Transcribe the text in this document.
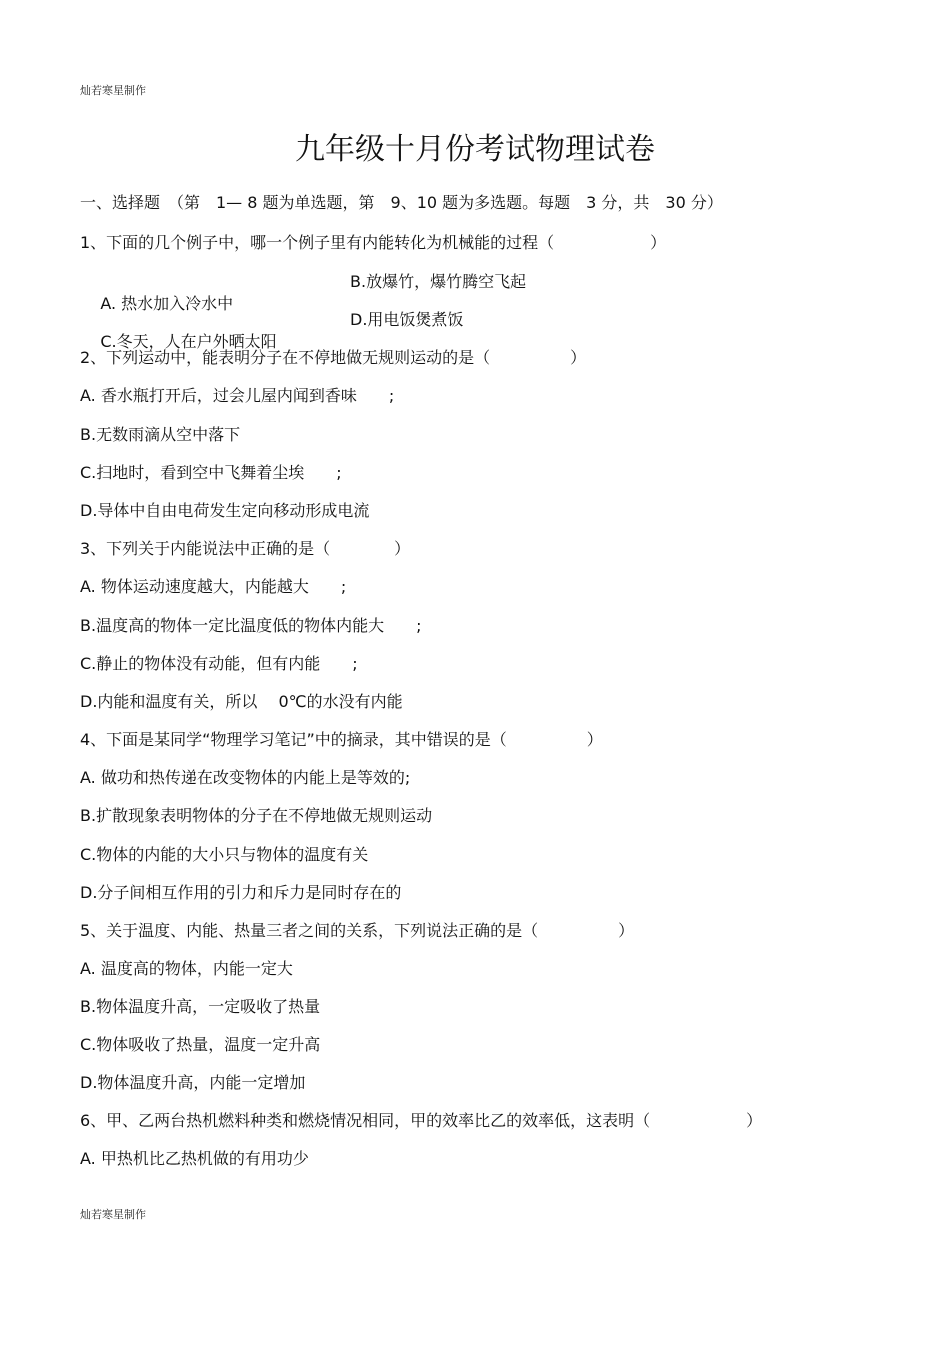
灿若寒星制作
九年级十月份考试物理试卷
一、选择题　（第　1— 8 题为单选题，第　9、10 题为多选题。每题　3 分，共　30 分）
1、下面的几个例子中，哪一个例子里有内能转化为机械能的过程（　　　　　　）

A. 热水加入冷水中

B.放爆竹，爆竹腾空飞起

C.冬天，人在户外晒太阳

D.用电饭煲煮饭

2、下列运动中，能表明分子在不停地做无规则运动的是（　　　　　）
A. 香水瓶打开后，过会儿屋内闻到香味　　;
B.无数雨滴从空中落下
C.扫地时，看到空中飞舞着尘埃　　;
D.导体中自由电荷发生定向移动形成电流
3、下列关于内能说法中正确的是（　　　　）
A. 物体运动速度越大，内能越大　　;
B.温度高的物体一定比温度低的物体内能大　　;
C.静止的物体没有动能，但有内能　　;
D.内能和温度有关，所以　 0℃的水没有内能
4、下面是某同学“物理学习笔记”中的摘录，其中错误的是（　　　　　）
A. 做功和热传递在改变物体的内能上是等效的;
B.扩散现象表明物体的分子在不停地做无规则运动
C.物体的内能的大小只与物体的温度有关
D.分子间相互作用的引力和斥力是同时存在的
5、关于温度、内能、热量三者之间的关系，下列说法正确的是（　　　　　）
A. 温度高的物体，内能一定大
B.物体温度升高，一定吸收了热量
C.物体吸收了热量，温度一定升高
D.物体温度升高，内能一定增加
6、甲、乙两台热机燃料种类和燃烧情况相同，甲的效率比乙的效率低，这表明（　　　　　　）
A. 甲热机比乙热机做的有用功少
灿若寒星制作
